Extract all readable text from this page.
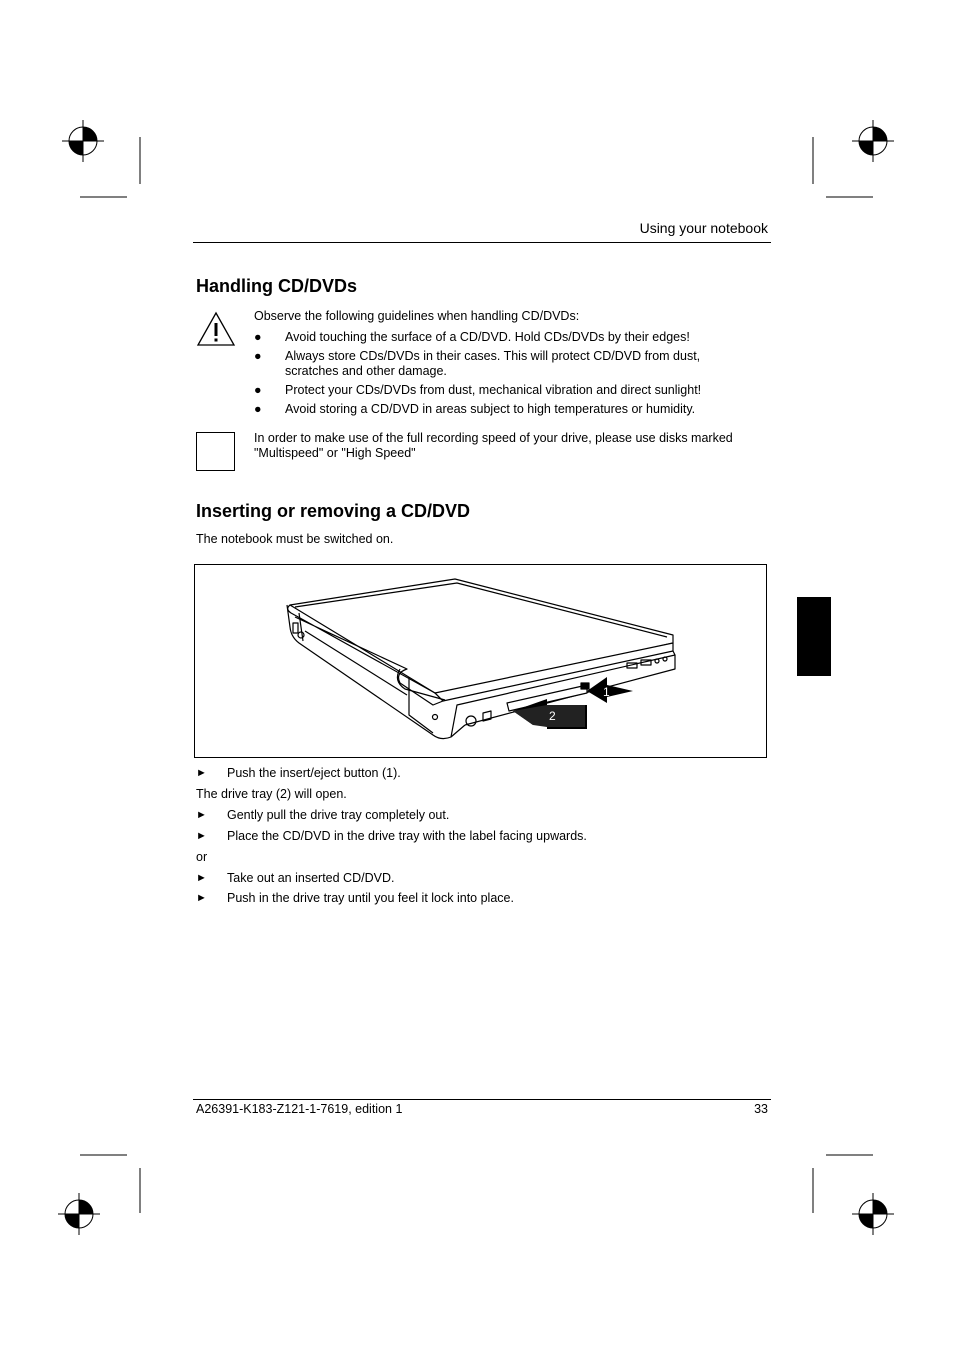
Using your notebook
Handling CD/DVDs
Observe the following guidelines when handling CD/DVDs:
● Avoid touching the surface of a CD/DVD. Hold CDs/DVDs by their edges!
● Always store CDs/DVDs in their cases. This will protect CD/DVD from dust, scratches and other damage.
● Protect your CDs/DVDs from dust, mechanical vibration and direct sunlight!
● Avoid storing a CD/DVD in areas subject to high temperatures or humidity.
i
In order to make use of the full recording speed of your drive, please use disks marked "Multispeed" or "High Speed"
Inserting or removing a CD/DVD
The notebook must be switched on.
1
2
► Push the insert/eject button (1).
The drive tray (2) will open.
► Gently pull the drive tray completely out.
► Place the CD/DVD in the drive tray with the label facing upwards.
or
► Take out an inserted CD/DVD.
► Push in the drive tray until you feel it lock into place.
A26391-K183-Z121-1-7619, edition 1	33
